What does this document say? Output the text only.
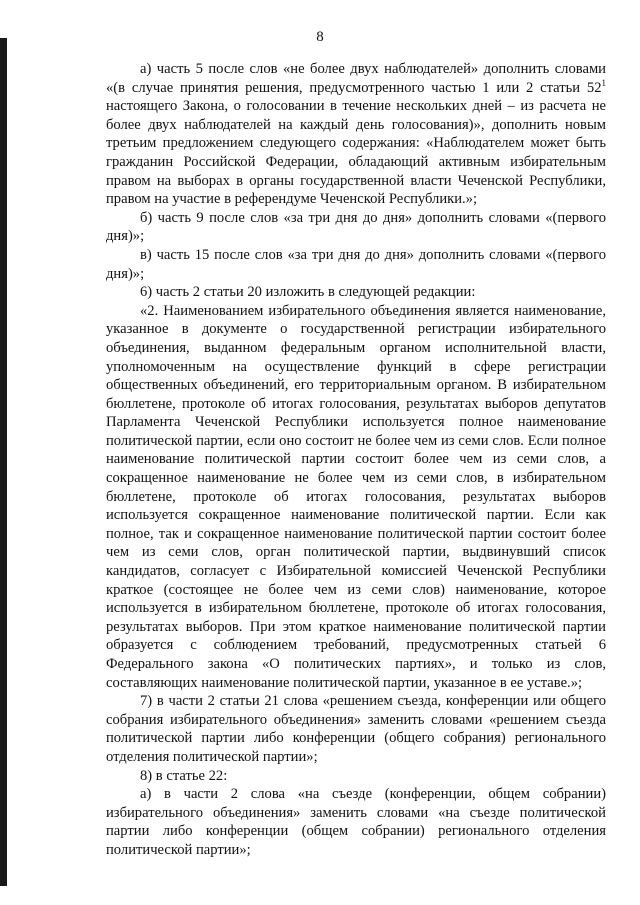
8

а) часть 5 после слов «не более двух наблюдателей» дополнить словами «(в случае принятия решения, предусмотренного частью 1 или 2 статьи $52^1$ настоящего Закона, о голосовании в течение нескольких дней – из расчета не более двух наблюдателей на каждый день голосования)», дополнить новым третьим предложением следующего содержания: «Наблюдателем может быть гражданин Российской Федерации, обладающий активным избирательным правом на выборах в органы государственной власти Чеченской Республики, правом на участие в референдуме Чеченской Республики.»;

б) часть 9 после слов «за три дня до дня» дополнить словами «(первого дня)»;

в) часть 15 после слов «за три дня до дня» дополнить словами «(первого дня)»;

6) часть 2 статьи 20 изложить в следующей редакции:

«2. Наименованием избирательного объединения является наименование, указанное в документе о государственной регистрации избирательного объединения, выданном федеральным органом исполнительной власти, уполномоченным на осуществление функций в сфере регистрации общественных объединений, его территориальным органом. В избирательном бюллетене, протоколе об итогах голосования, результатах выборов депутатов Парламента Чеченской Республики используется полное наименование политической партии, если оно состоит не более чем из семи слов. Если полное наименование политической партии состоит более чем из семи слов, а сокращенное наименование не более чем из семи слов, в избирательном бюллетене, протоколе об итогах голосования, результатах выборов используется сокращенное наименование политической партии. Если как полное, так и сокращенное наименование политической партии состоит более чем из семи слов, орган политической партии, выдвинувший список кандидатов, согласует с Избирательной комиссией Чеченской Республики краткое (состоящее не более чем из семи слов) наименование, которое используется в избирательном бюллетене, протоколе об итогах голосования, результатах выборов. При этом краткое наименование политической партии образуется с соблюдением требований, предусмотренных статьей 6 Федерального закона «О политических партиях», и только из слов, составляющих наименование политической партии, указанное в ее уставе.»;

7) в части 2 статьи 21 слова «решением съезда, конференции или общего собрания избирательного объединения» заменить словами «решением съезда политической партии либо конференции (общего собрания) регионального отделения политической партии»;

8) в статье 22:

а) в части 2 слова «на съезде (конференции, общем собрании) избирательного объединения» заменить словами «на съезде политической партии либо конференции (общем собрании) регионального отделения политической партии»;
